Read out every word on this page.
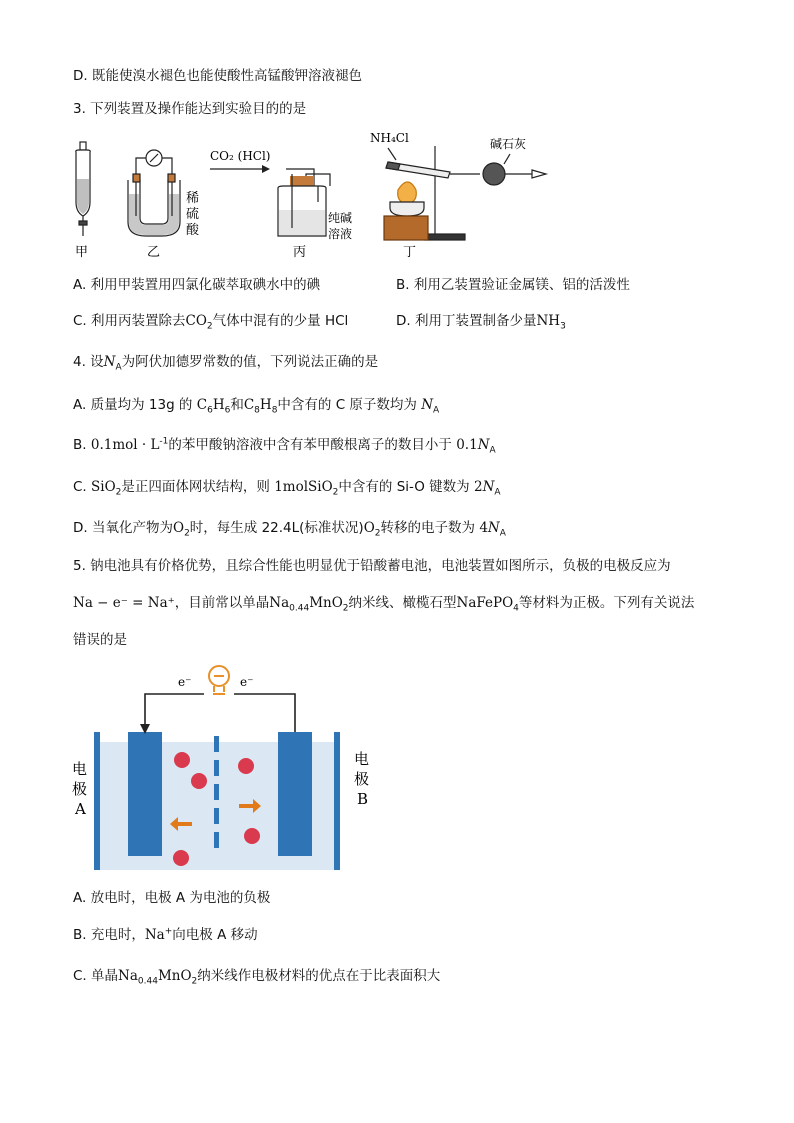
D. 既能使溴水褪色也能使酸性高锰酸钾溶液褪色
3. 下列装置及操作能达到实验目的的是
甲
稀
硫
酸
乙
CO₂ (HCl)
纯碱
溶液
丙
NH₄Cl	碱石灰
丁
A. 利用甲装置用四氯化碳萃取碘水中的碘	B. 利用乙装置验证金属镁、铝的活泼性
C. 利用丙装置除去$CO_2$气体中混有的少量 HCl	D. 利用丁装置制备少量$NH_3$
4. 设$N_A$为阿伏加德罗常数的值，下列说法正确的是
A. 质量均为 13g 的 $C_6H_6$和$C_8H_8$中含有的 C 原子数均为 $N_A$
B. $0.1mol \cdot L^{-1}$的苯甲酸钠溶液中含有苯甲酸根离子的数目小于 $0.1N_A$
C. SiO$_2$是正四面体网状结构，则 1molSiO$_2$中含有的 Si-O 键数为 $2N_A$
D. 当氧化产物为$O_2$时，每生成 22.4L(标准状况)$O_2$转移的电子数为 $4N_A$
5. 钠电池具有价格优势，且综合性能也明显优于铅酸蓄电池，电池装置如图所示，负极的电极反应为
Na − e⁻ = Na⁺，目前常以单晶$Na_{0.44}MnO_2$纳米线、橄榄石型NaFePO$_4$等材料为正极。下列有关说法
错误的是
e⁻	e⁻
电
极
A
电
极
B
A. 放电时，电极 A 为电池的负极
B. 充电时，Na+向电极 A 移动
C. 单晶$Na_{0.44}MnO_2$纳米线作电极材料的优点在于比表面积大
